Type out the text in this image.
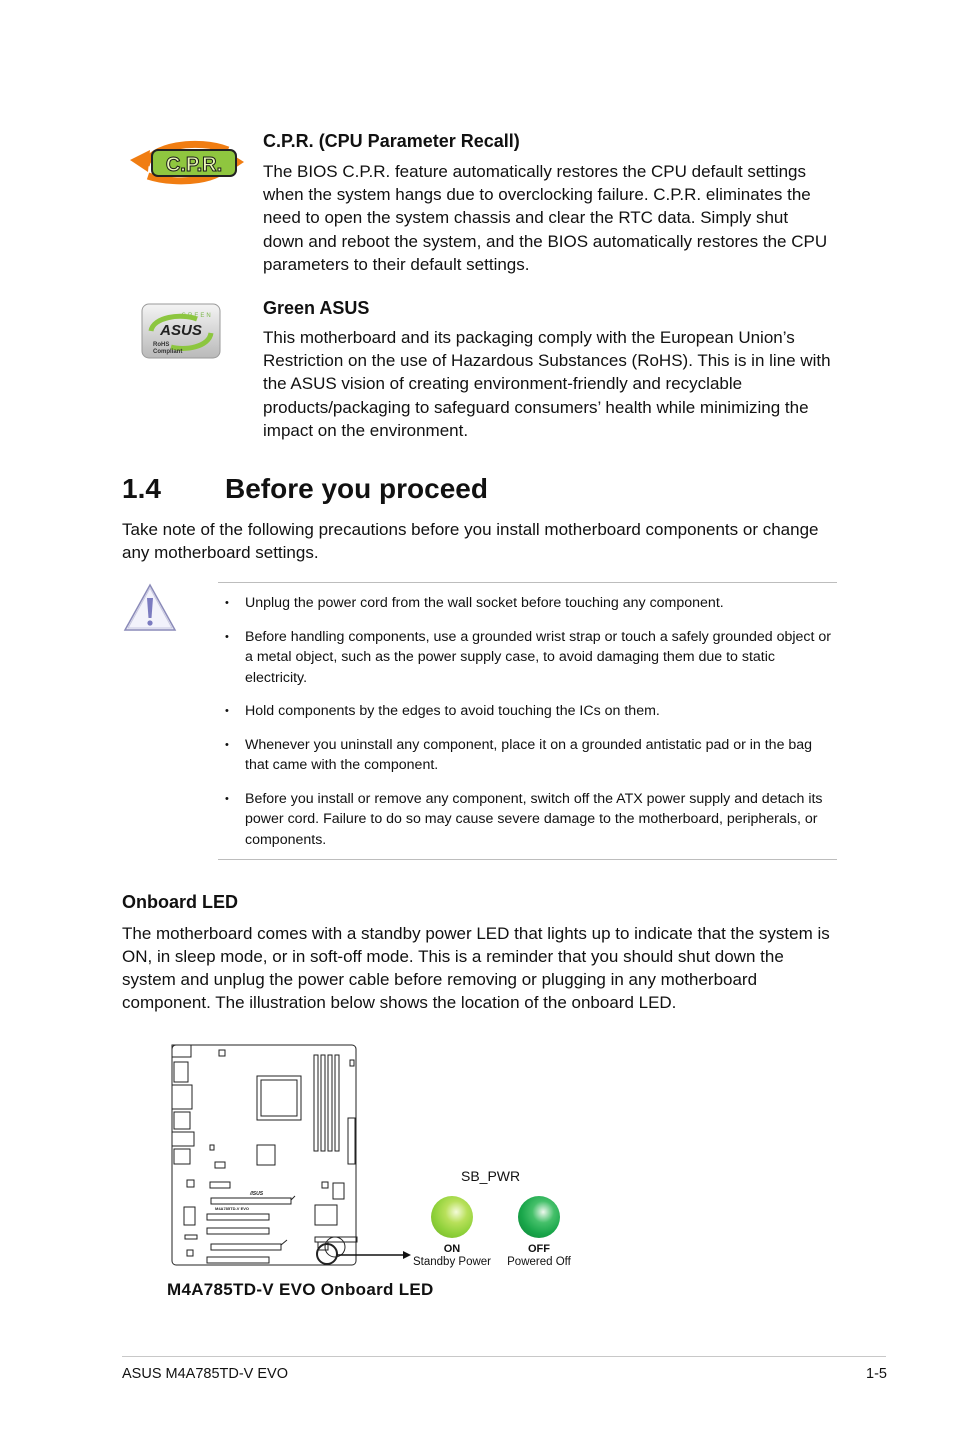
C.P.R.
C.P.R. (CPU Parameter Recall)
The BIOS C.P.R. feature automatically restores the CPU default settings when the system hangs due to overclocking failure. C.P.R. eliminates the need to open the system chassis and clear the RTC data. Simply shut down and reboot the system, and the BIOS automatically restores the CPU parameters to their default settings.
GREEN
ASUS
RoHS
Compliant
Green ASUS
This motherboard and its packaging comply with the European Union’s Restriction on the use of Hazardous Substances (RoHS). This is in line with the ASUS vision of creating environment-friendly and recyclable products/packaging to safeguard consumers’ health while minimizing the impact on the environment.
1.4 Before you proceed
Take note of the following precautions before you install motherboard components or change any motherboard settings.
• Unplug the power cord from the wall socket before touching any component.
• Before handling components, use a grounded wrist strap or touch a safely grounded object or a metal object, such as the power supply case, to avoid damaging them due to static electricity.
• Hold components by the edges to avoid touching the ICs on them.
• Whenever you uninstall any component, place it on a grounded antistatic pad or in the bag that came with the component.
• Before you install or remove any component, switch off the ATX power supply and detach its power cord. Failure to do so may cause severe damage to the motherboard, peripherals, or components.
Onboard LED
The motherboard comes with a standby power LED that lights up to indicate that the system is ON, in sleep mode, or in soft-off mode. This is a reminder that you should shut down the system and unplug the power cable before removing or plugging in any motherboard component. The illustration below shows the location of the onboard LED.
/ISUS
M4A785TD-V EVO
SB_PWR
ON
Standby Power
OFF
Powered Off
M4A785TD-V EVO Onboard LED
ASUS M4A785TD-V EVO	1-5
